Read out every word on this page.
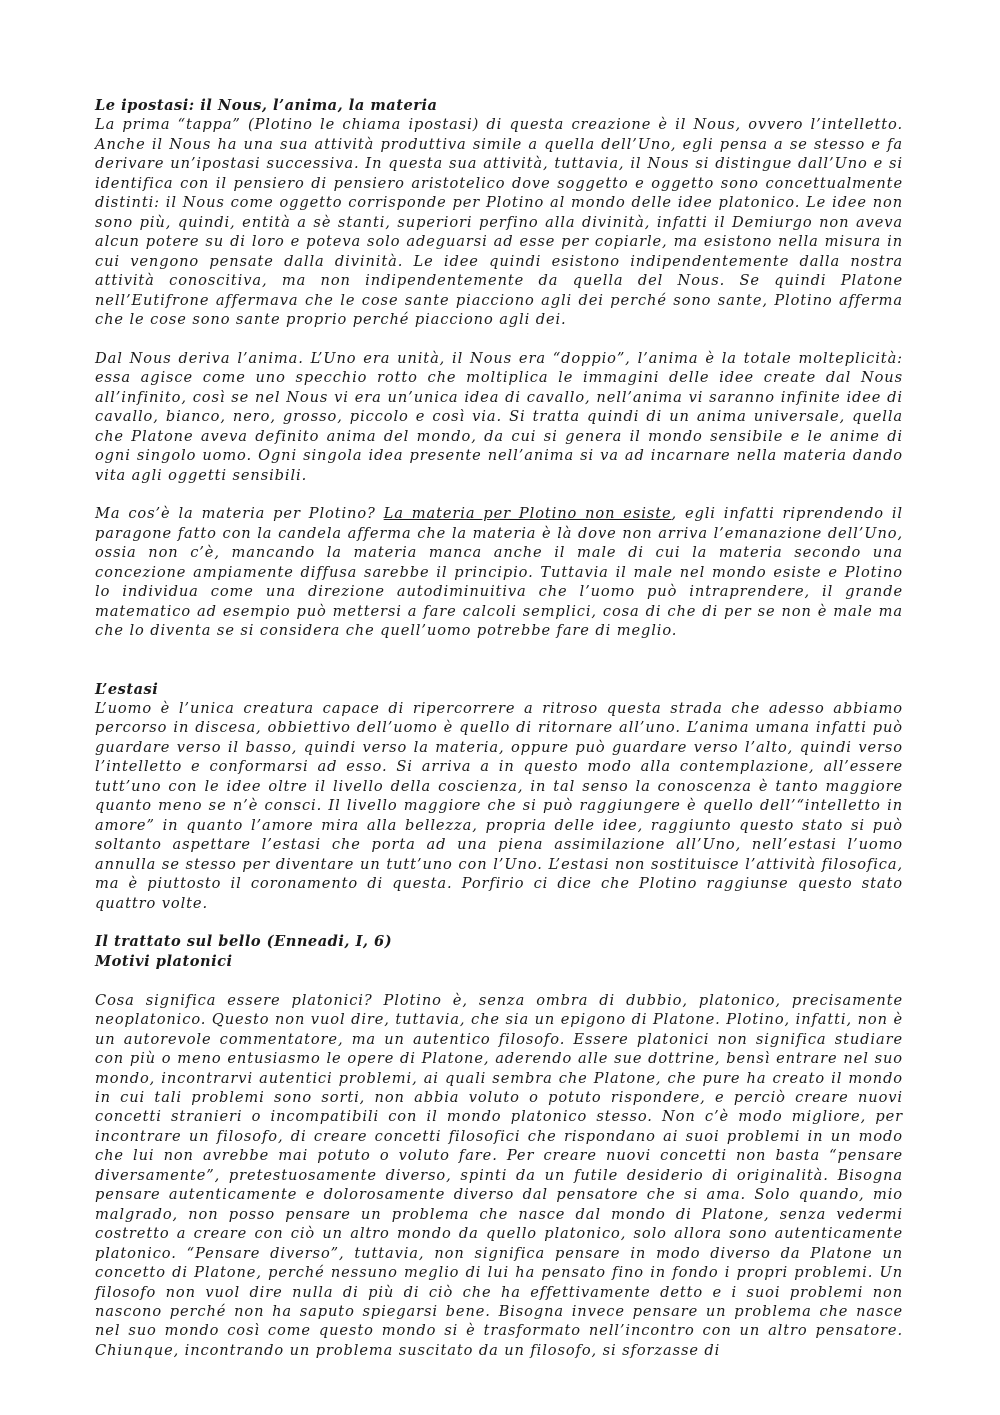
Le ipostasi: il Nous, l’anima, la materia

La prima “tappa” (Plotino le chiama ipostasi) di questa creazione è il Nous, ovvero l’intelletto. Anche il Nous ha una sua attività produttiva simile a quella dell’Uno, egli pensa a se stesso e fa derivare un’ipostasi successiva. In questa sua attività, tuttavia, il Nous si distingue dall’Uno e si identifica con il pensiero di pensiero aristotelico dove soggetto e oggetto sono concettualmente distinti: il Nous come oggetto corrisponde per Plotino al mondo delle idee platonico. Le idee non sono più, quindi, entità a sè stanti, superiori perfino alla divinità, infatti il Demiurgo non aveva alcun potere su di loro e poteva solo adeguarsi ad esse per copiarle, ma esistono nella misura in cui vengono pensate dalla divinità. Le idee quindi esistono indipendentemente dalla nostra attività conoscitiva, ma non indipendentemente da quella del Nous. Se quindi Platone nell’Eutifrone affermava che le cose sante piacciono agli dei perché sono sante, Plotino afferma che le cose sono sante proprio perché piacciono agli dei.

Dal Nous deriva l’anima. L’Uno era unità, il Nous era “doppio”, l’anima è la totale molteplicità: essa agisce come uno specchio rotto che moltiplica le immagini delle idee create dal Nous all’infinito, così se nel Nous vi era un’unica idea di cavallo, nell’anima vi saranno infinite idee di cavallo, bianco, nero, grosso, piccolo e così via. Si tratta quindi di un anima universale, quella che Platone aveva definito anima del mondo, da cui si genera il mondo sensibile e le anime di ogni singolo uomo. Ogni singola idea presente nell’anima si va ad incarnare nella materia dando vita agli oggetti sensibili.

Ma cos’è la materia per Plotino? La materia per Plotino non esiste, egli infatti riprendendo il paragone fatto con la candela afferma che la materia è là dove non arriva l’emanazione dell’Uno, ossia non c’è, mancando la materia manca anche il male di cui la materia secondo una concezione ampiamente diffusa sarebbe il principio. Tuttavia il male nel mondo esiste e Plotino lo individua come una direzione autodiminuitiva che l’uomo può intraprendere, il grande matematico ad esempio può mettersi a fare calcoli semplici, cosa di che di per se non è male ma che lo diventa se si considera che quell’uomo potrebbe fare di meglio.

L’estasi

L’uomo è l’unica creatura capace di ripercorrere a ritroso questa strada che adesso abbiamo percorso in discesa, obbiettivo dell’uomo è quello di ritornare all’uno. L’anima umana infatti può guardare verso il basso, quindi verso la materia, oppure può guardare verso l’alto, quindi verso l’intelletto e conformarsi ad esso. Si arriva a in questo modo alla contemplazione, all’essere tutt’uno con le idee oltre il livello della coscienza, in tal senso la conoscenza è tanto maggiore quanto meno se n’è consci. Il livello maggiore che si può raggiungere è quello dell’“intelletto in amore” in quanto l’amore mira alla bellezza, propria delle idee, raggiunto questo stato si può soltanto aspettare l’estasi che porta ad una piena assimilazione all’Uno, nell’estasi l’uomo annulla se stesso per diventare un tutt’uno con l’Uno. L’estasi non sostituisce l’attività filosofica, ma è piuttosto il coronamento di questa. Porfirio ci dice che Plotino raggiunse questo stato quattro volte.

Il trattato sul bello (Enneadi, I, 6)

Motivi platonici

Cosa significa essere platonici? Plotino è, senza ombra di dubbio, platonico, precisamente neoplatonico. Questo non vuol dire, tuttavia, che sia un epigono di Platone. Plotino, infatti, non è un autorevole commentatore, ma un autentico filosofo. Essere platonici non significa studiare con più o meno entusiasmo le opere di Platone, aderendo alle sue dottrine, bensì entrare nel suo mondo, incontrarvi autentici problemi, ai quali sembra che Platone, che pure ha creato il mondo in cui tali problemi sono sorti, non abbia voluto o potuto rispondere, e perciò creare nuovi concetti stranieri o incompatibili con il mondo platonico stesso. Non c’è modo migliore, per incontrare un filosofo, di creare concetti filosofici che rispondano ai suoi problemi in un modo che lui non avrebbe mai potuto o voluto fare. Per creare nuovi concetti non basta “pensare diversamente”, pretestuosamente diverso, spinti da un futile desiderio di originalità. Bisogna pensare autenticamente e dolorosamente diverso dal pensatore che si ama. Solo quando, mio malgrado, non posso pensare un problema che nasce dal mondo di Platone, senza vedermi costretto a creare con ciò un altro mondo da quello platonico, solo allora sono autenticamente platonico. “Pensare diverso”, tuttavia, non significa pensare in modo diverso da Platone un concetto di Platone, perché nessuno meglio di lui ha pensato fino in fondo i propri problemi. Un filosofo non vuol dire nulla di più di ciò che ha effettivamente detto e i suoi problemi non nascono perché non ha saputo spiegarsi bene. Bisogna invece pensare un problema che nasce nel suo mondo così come questo mondo si è trasformato nell’incontro con un altro pensatore. Chiunque, incontrando un problema suscitato da un filosofo, si sforzasse di
